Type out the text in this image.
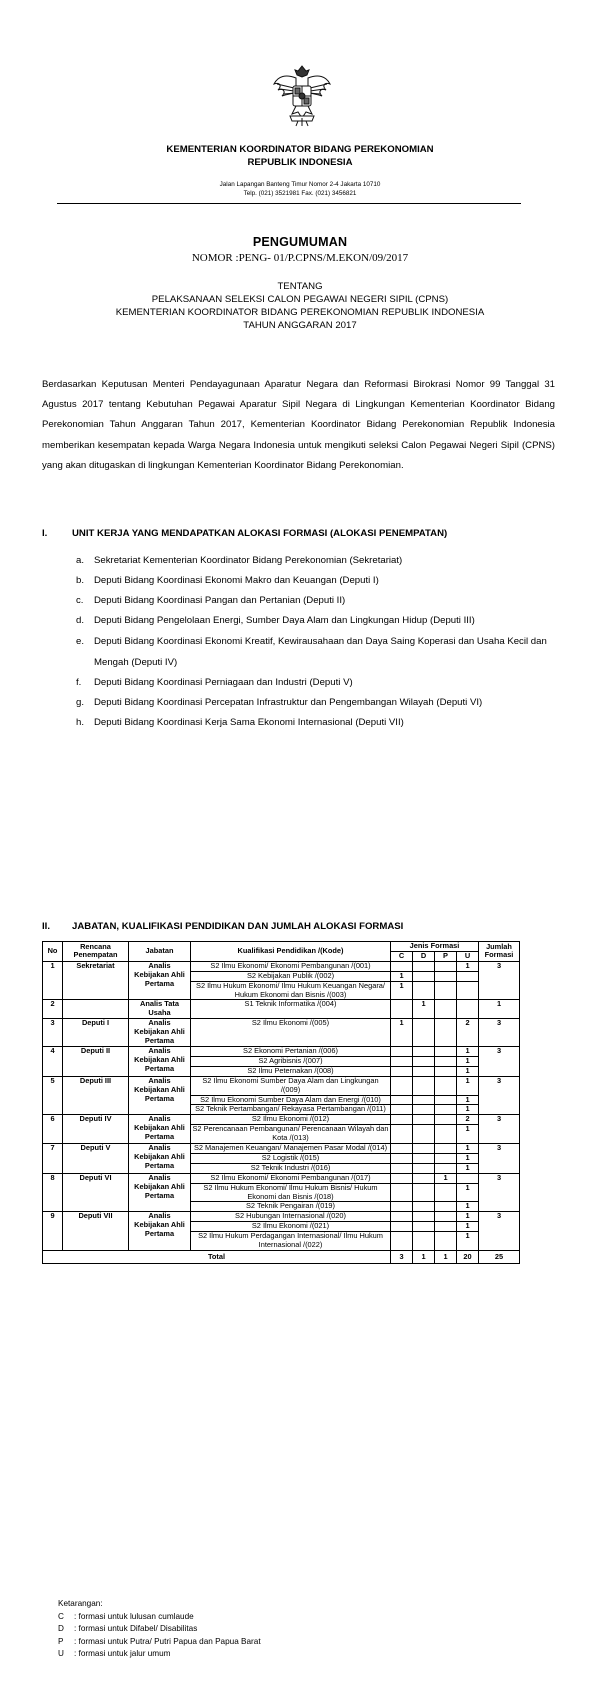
KEMENTERIAN KOORDINATOR BIDANG PEREKONOMIAN
REPUBLIK INDONESIA
Jalan Lapangan Banteng Timur Nomor 2-4 Jakarta 10710
Telp. (021) 3521981 Fax. (021) 3456821
PENGUMUMAN
NOMOR :PENG- 01/P.CPNS/M.EKON/09/2017
TENTANG
PELAKSANAAN SELEKSI CALON PEGAWAI NEGERI SIPIL (CPNS)
KEMENTERIAN KOORDINATOR BIDANG PEREKONOMIAN REPUBLIK INDONESIA
TAHUN ANGGARAN 2017
Berdasarkan Keputusan Menteri Pendayagunaan Aparatur Negara dan Reformasi Birokrasi Nomor 99 Tanggal 31 Agustus 2017 tentang Kebutuhan Pegawai Aparatur Sipil Negara di Lingkungan Kementerian Koordinator Bidang Perekonomian Tahun Anggaran Tahun 2017, Kementerian Koordinator Bidang Perekonomian Republik Indonesia memberikan kesempatan kepada Warga Negara Indonesia untuk mengikuti seleksi Calon Pegawai Negeri Sipil (CPNS) yang akan ditugaskan di lingkungan Kementerian Koordinator Bidang Perekonomian.
I.	UNIT KERJA YANG MENDAPATKAN ALOKASI FORMASI (ALOKASI PENEMPATAN)
a. Sekretariat Kementerian Koordinator Bidang Perekonomian (Sekretariat)
b. Deputi Bidang Koordinasi Ekonomi Makro dan Keuangan (Deputi I)
c. Deputi Bidang Koordinasi Pangan dan Pertanian (Deputi II)
d. Deputi Bidang Pengelolaan Energi, Sumber Daya Alam dan Lingkungan Hidup (Deputi III)
e. Deputi Bidang Koordinasi Ekonomi Kreatif, Kewirausahaan dan Daya Saing Koperasi dan Usaha Kecil dan Mengah (Deputi IV)
f. Deputi Bidang Koordinasi Perniagaan dan Industri (Deputi V)
g. Deputi Bidang Koordinasi Percepatan Infrastruktur dan Pengembangan Wilayah (Deputi VI)
h. Deputi Bidang Koordinasi Kerja Sama Ekonomi Internasional (Deputi VII)
II. JABATAN, KUALIFIKASI PENDIDIKAN DAN JUMLAH ALOKASI FORMASI
No	Rencana Penempatan	Jabatan	Kualifikasi Pendidikan /(Kode)	Jenis Formasi				Jumlah Formasi
				C	D	P	U	
1	Sekretariat	Analis Kebijakan Ahli Pertama	S2 Ilmu Ekonomi/ Ekonomi Pembangunan /(001)				1	3
			S2 Kebijakan Publik /(002)	1				
			S2 Ilmu Hukum Ekonomi/ Ilmu Hukum Keuangan Negara/ Hukum Ekonomi dan Bisnis /(003)	1				
2		Analis Tata Usaha	S1 Teknik Informatika /(004)		1			1
3	Deputi I	Analis Kebijakan Ahli Pertama	S2 Ilmu Ekonomi /(005)	1			2	3
4	Deputi II	Analis Kebijakan Ahli Pertama	S2 Ekonomi Pertanian /(006)				1	3
			S2 Agribisnis /(007)				1	
			S2 Ilmu Peternakan /(008)				1	
5	Deputi III	Analis Kebijakan Ahli Pertama	S2 Ilmu Ekonomi Sumber Daya Alam dan Lingkungan /(009)				1	3
			S2 Ilmu Ekonomi Sumber Daya Alam dan Energi /(010)				1	
			S2 Teknik Pertambangan/ Rekayasa Pertambangan /(011)				1	
6	Deputi IV	Analis Kebijakan Ahli Pertama	S2 Ilmu Ekonomi /(012)				2	3
			S2 Perencanaan Pembangunan/ Perencanaan Wilayah dan Kota /(013)				1	
7	Deputi V	Analis Kebijakan Ahli Pertama	S2 Manajemen Keuangan/ Manajemen Pasar Modal /(014)				1	3
			S2 Logistik /(015)				1	
			S2 Teknik Industri /(016)				1	
8	Deputi VI	Analis Kebijakan Ahli Pertama	S2 Ilmu Ekonomi/ Ekonomi Pembangunan /(017)			1		3
			S2 Ilmu Hukum Ekonomi/ Ilmu Hukum Bisnis/ Hukum Ekonomi dan Bisnis /(018)				1	
			S2 Teknik Pengairan /(019)				1	
9	Deputi VII	Analis Kebijakan Ahli Pertama	S2 Hubungan Internasional /(020)				1	3
			S2 Ilmu Ekonomi /(021)				1	
			S2 Ilmu Hukum Perdagangan Internasional/ Ilmu Hukum Internasional /(022)				1	
Total				3	1	1	20	25
Ketarangan:
C : formasi untuk lulusan cumlaude
D : formasi untuk Difabel/ Disabilitas
P : formasi untuk Putra/ Putri Papua dan Papua Barat
U : formasi untuk jalur umum
